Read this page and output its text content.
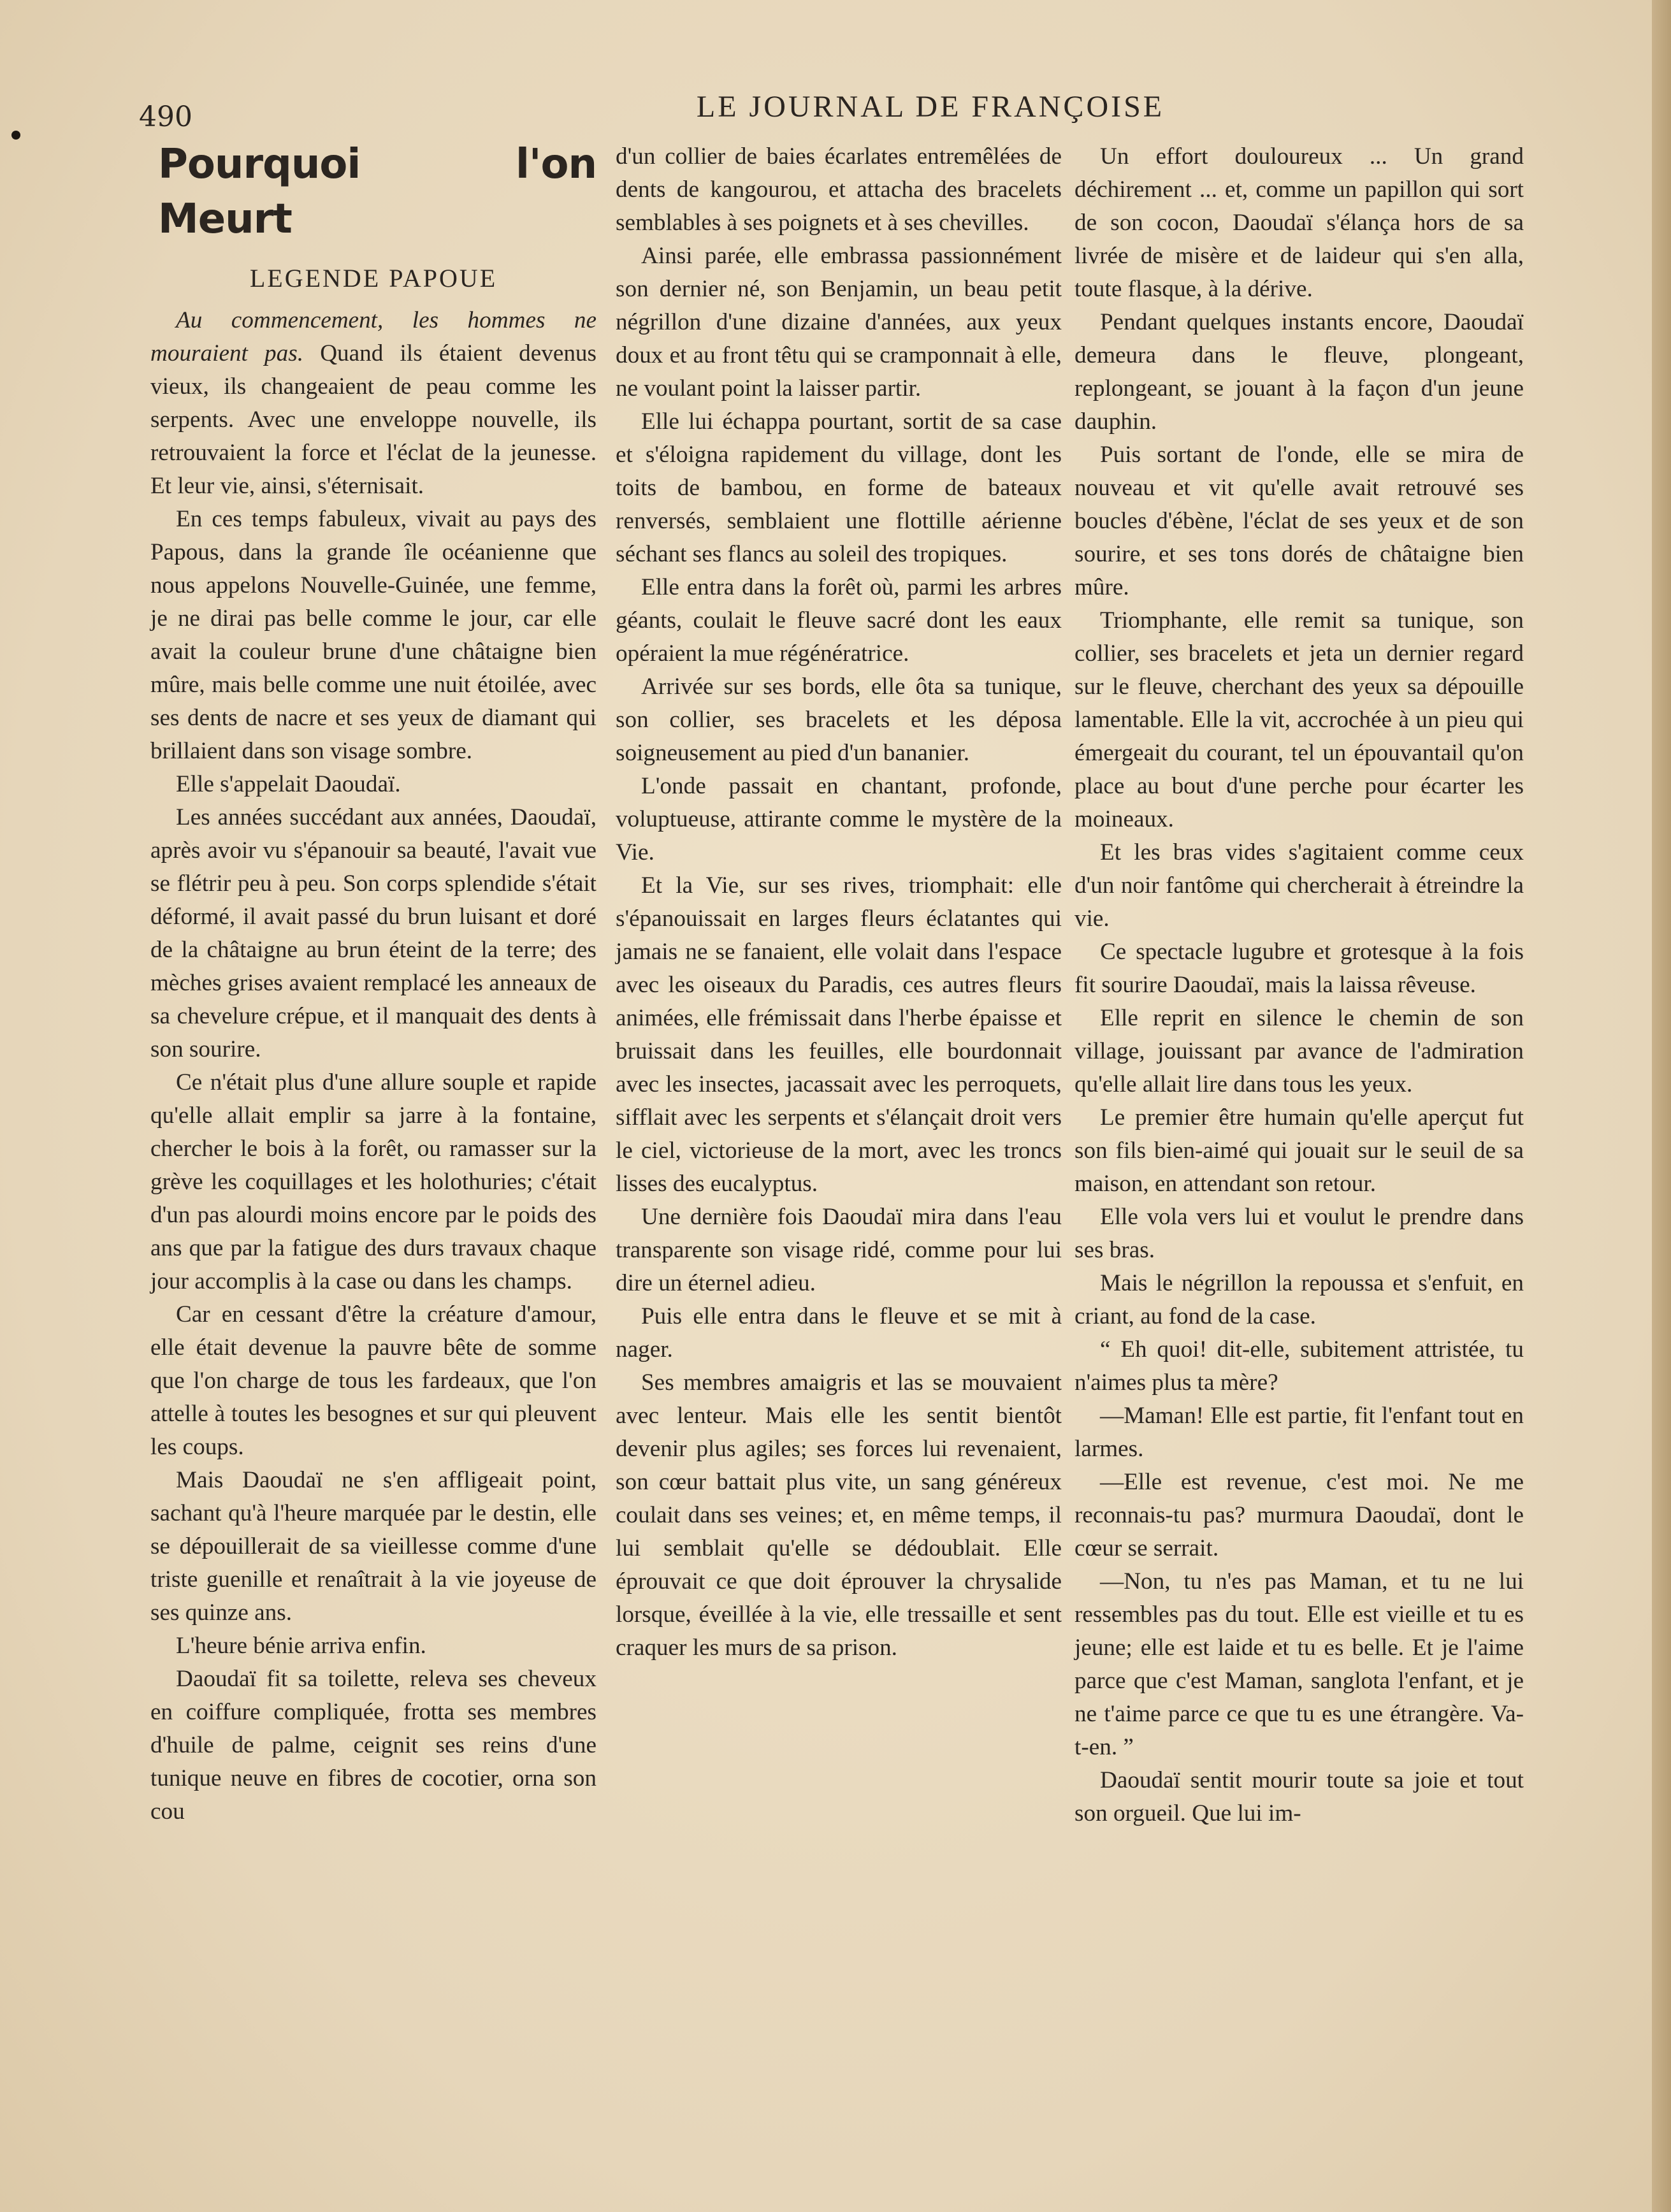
490	LE JOURNAL DE FRANÇOISE
Pourquoi l'on Meurt
LEGENDE PAPOUE

Au commencement, les hommes ne mouraient pas. Quand ils étaient devenus vieux, ils changeaient de peau comme les serpents. Avec une enveloppe nouvelle, ils retrouvaient la force et l'éclat de la jeunesse. Et leur vie, ainsi, s'éternisait.

En ces temps fabuleux, vivait au pays des Papous, dans la grande île océanienne que nous appelons Nouvelle-Guinée, une femme, je ne dirai pas belle comme le jour, car elle avait la couleur brune d'une châtaigne bien mûre, mais belle comme une nuit étoilée, avec ses dents de nacre et ses yeux de diamant qui brillaient dans son visage sombre.

Elle s'appelait Daoudaï.

Les années succédant aux années, Daoudaï, après avoir vu s'épanouir sa beauté, l'avait vue se flétrir peu à peu. Son corps splendide s'était déformé, il avait passé du brun luisant et doré de la châtaigne au brun éteint de la terre; des mèches grises avaient remplacé les anneaux de sa chevelure crépue, et il manquait des dents à son sourire.

Ce n'était plus d'une allure souple et rapide qu'elle allait emplir sa jarre à la fontaine, chercher le bois à la forêt, ou ramasser sur la grève les coquillages et les holothuries; c'était d'un pas alourdi moins encore par le poids des ans que par la fatigue des durs travaux chaque jour accomplis à la case ou dans les champs.

Car en cessant d'être la créature d'amour, elle était devenue la pauvre bête de somme que l'on charge de tous les fardeaux, que l'on attelle à toutes les besognes et sur qui pleuvent les coups.

Mais Daoudaï ne s'en affligeait point, sachant qu'à l'heure marquée par le destin, elle se dépouillerait de sa vieillesse comme d'une triste guenille et renaîtrait à la vie joyeuse de ses quinze ans.

L'heure bénie arriva enfin.

Daoudaï fit sa toilette, releva ses cheveux en coiffure compliquée, frotta ses membres d'huile de palme, ceignit ses reins d'une tunique neuve en fibres de cocotier, orna son cou

d'un collier de baies écarlates entremêlées de dents de kangourou, et attacha des bracelets semblables à ses poignets et à ses chevilles.

Ainsi parée, elle embrassa passionnément son dernier né, son Benjamin, un beau petit négrillon d'une dizaine d'années, aux yeux doux et au front têtu qui se cramponnait à elle, ne voulant point la laisser partir.

Elle lui échappa pourtant, sortit de sa case et s'éloigna rapidement du village, dont les toits de bambou, en forme de bateaux renversés, semblaient une flottille aérienne séchant ses flancs au soleil des tropiques.

Elle entra dans la forêt où, parmi les arbres géants, coulait le fleuve sacré dont les eaux opéraient la mue régénératrice.

Arrivée sur ses bords, elle ôta sa tunique, son collier, ses bracelets et les déposa soigneusement au pied d'un bananier.

L'onde passait en chantant, profonde, voluptueuse, attirante comme le mystère de la Vie.

Et la Vie, sur ses rives, triomphait: elle s'épanouissait en larges fleurs éclatantes qui jamais ne se fanaient, elle volait dans l'espace avec les oiseaux du Paradis, ces autres fleurs animées, elle frémissait dans l'herbe épaisse et bruissait dans les feuilles, elle bourdonnait avec les insectes, jacassait avec les perroquets, sifflait avec les serpents et s'élançait droit vers le ciel, victorieuse de la mort, avec les troncs lisses des eucalyptus.

Une dernière fois Daoudaï mira dans l'eau transparente son visage ridé, comme pour lui dire un éternel adieu.

Puis elle entra dans le fleuve et se mit à nager.

Ses membres amaigris et las se mouvaient avec lenteur. Mais elle les sentit bientôt devenir plus agiles; ses forces lui revenaient, son cœur battait plus vite, un sang généreux coulait dans ses veines; et, en même temps, il lui semblait qu'elle se dédoublait. Elle éprouvait ce que doit éprouver la chrysalide lorsque, éveillée à la vie, elle tressaille et sent craquer les murs de sa prison.

Un effort douloureux ... Un grand déchirement ... et, comme un papillon qui sort de son cocon, Daoudaï s'élança hors de sa livrée de misère et de laideur qui s'en alla, toute flasque, à la dérive.

Pendant quelques instants encore, Daoudaï demeura dans le fleuve, plongeant, replongeant, se jouant à la façon d'un jeune dauphin.

Puis sortant de l'onde, elle se mira de nouveau et vit qu'elle avait retrouvé ses boucles d'ébène, l'éclat de ses yeux et de son sourire, et ses tons dorés de châtaigne bien mûre.

Triomphante, elle remit sa tunique, son collier, ses bracelets et jeta un dernier regard sur le fleuve, cherchant des yeux sa dépouille lamentable. Elle la vit, accrochée à un pieu qui émergeait du courant, tel un épouvantail qu'on place au bout d'une perche pour écarter les moineaux.

Et les bras vides s'agitaient comme ceux d'un noir fantôme qui chercherait à étreindre la vie.

Ce spectacle lugubre et grotesque à la fois fit sourire Daoudaï, mais la laissa rêveuse.

Elle reprit en silence le chemin de son village, jouissant par avance de l'admiration qu'elle allait lire dans tous les yeux.

Le premier être humain qu'elle aperçut fut son fils bien-aimé qui jouait sur le seuil de sa maison, en attendant son retour.

Elle vola vers lui et voulut le prendre dans ses bras.

Mais le négrillon la repoussa et s'enfuit, en criant, au fond de la case.

“ Eh quoi! dit-elle, subitement attristée, tu n'aimes plus ta mère?

—Maman! Elle est partie, fit l'enfant tout en larmes.

—Elle est revenue, c'est moi. Ne me reconnais-tu pas? murmura Daoudaï, dont le cœur se serrait.

—Non, tu n'es pas Maman, et tu ne lui ressembles pas du tout. Elle est vieille et tu es jeune; elle est laide et tu es belle. Et je l'aime parce que c'est Maman, sanglota l'enfant, et je ne t'aime parce ce que tu es une étrangère. Va-t-en. ”

Daoudaï sentit mourir toute sa joie et tout son orgueil. Que lui im-
